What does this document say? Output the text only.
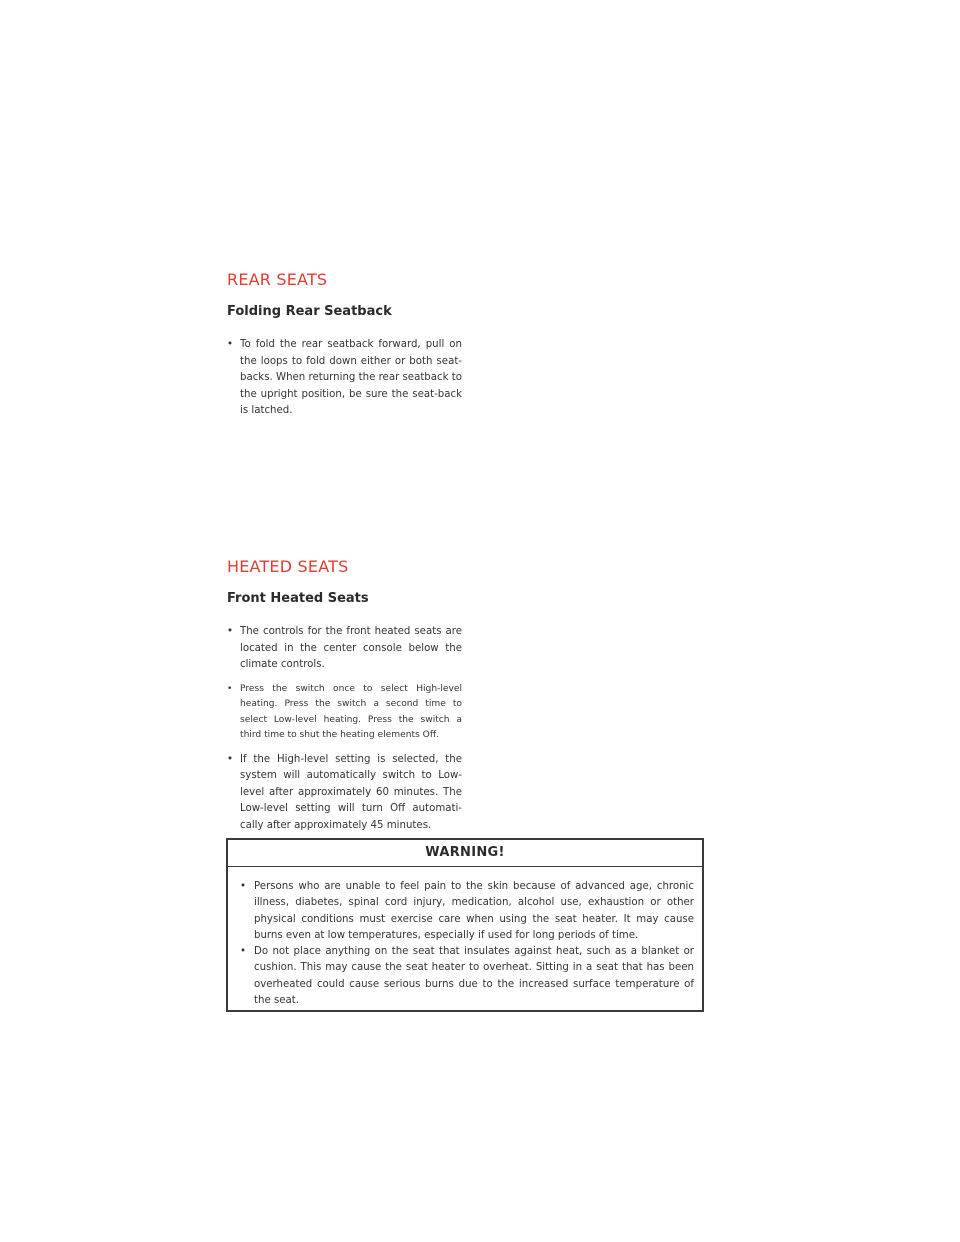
REAR SEATS
Folding Rear Seatback
• To fold the rear seatback forward, pull on the loops to fold down either or both seat-backs. When returning the rear seatback to the upright position, be sure the seat-back is latched.
HEATED SEATS
Front Heated Seats
• The controls for the front heated seats are located in the center console below the climate controls.
• Press the switch once to select High-level heating. Press the switch a second time to select Low-level heating. Press the switch a third time to shut the heating elements Off.
• If the High-level setting is selected, the system will automatically switch to Low-level after approximately 60 minutes. The Low-level setting will turn Off automati-cally after approximately 45 minutes.
WARNING!
• Persons who are unable to feel pain to the skin because of advanced age, chronic illness, diabetes, spinal cord injury, medication, alcohol use, exhaustion or other physical conditions must exercise care when using the seat heater. It may cause burns even at low temperatures, especially if used for long periods of time.
• Do not place anything on the seat that insulates against heat, such as a blanket or cushion. This may cause the seat heater to overheat. Sitting in a seat that has been overheated could cause serious burns due to the increased surface temperature of the seat.
